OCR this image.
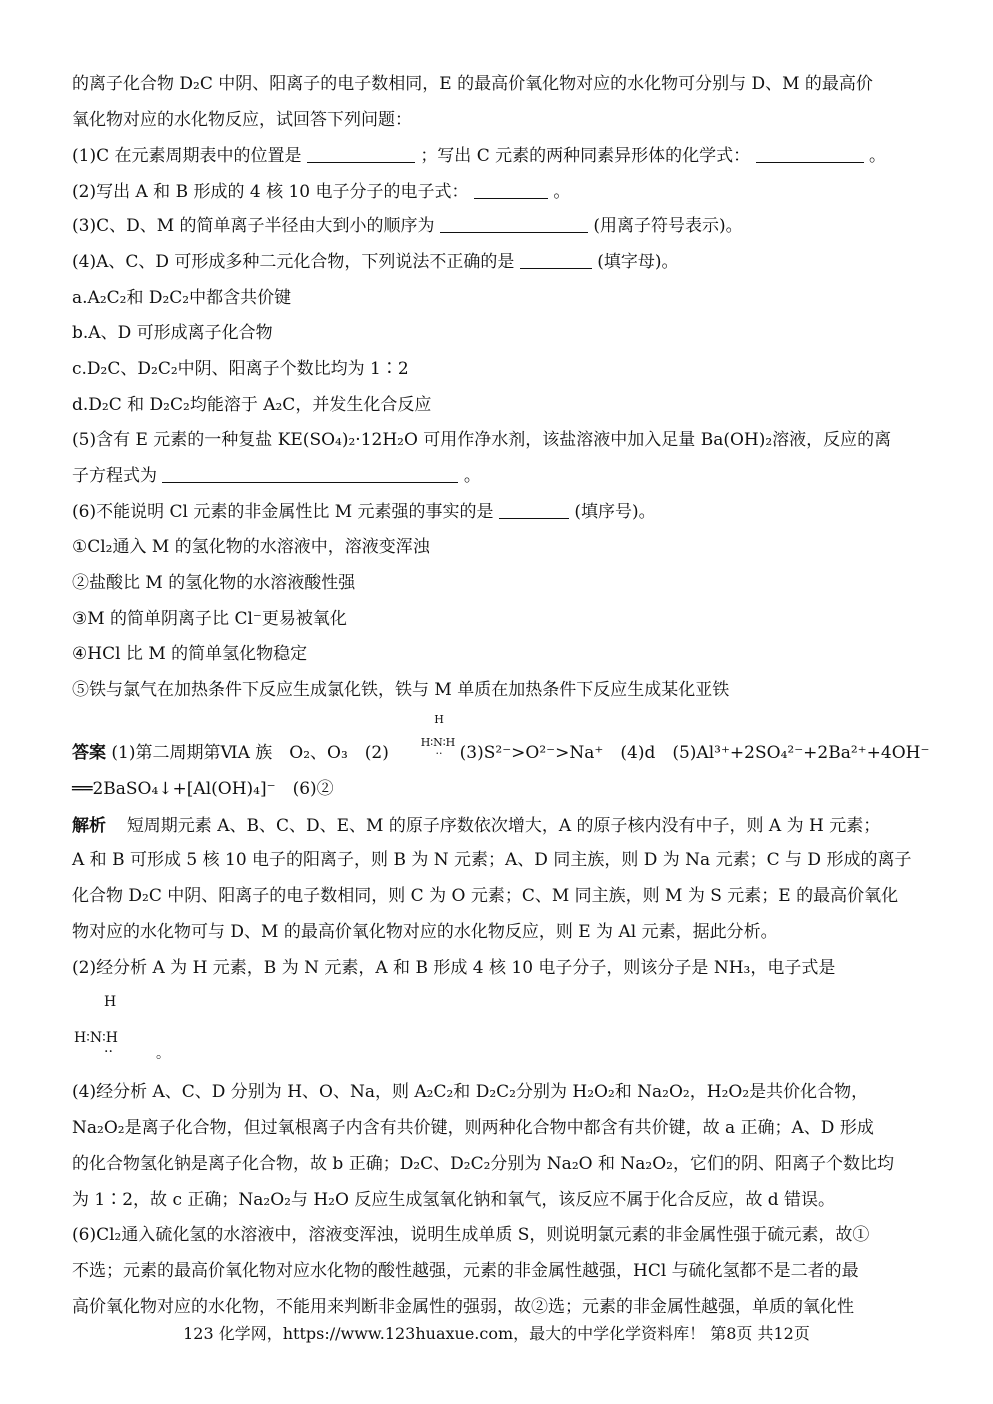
的离子化合物 D₂C 中阴、阳离子的电子数相同，E 的最高价氧化物对应的水化物可分别与 D、M 的最高价
氧化物对应的水化物反应，试回答下列问题：
(1)C 在元素周期表中的位置是	；写出 C 元素的两种同素异形体的化学式：	。
(2)写出 A 和 B 形成的 4 核 10 电子分子的电子式：	。
(3)C、D、M 的简单离子半径由大到小的顺序为	(用离子符号表示)。
(4)A、C、D 可形成多种二元化合物，下列说法不正确的是	(填字母)。
a.A₂C₂和 D₂C₂中都含共价键
b.A、D 可形成离子化合物
c.D₂C、D₂C₂中阴、阳离子个数比均为 1∶2
d.D₂C 和 D₂C₂均能溶于 A₂C，并发生化合反应
(5)含有 E 元素的一种复盐 KE(SO₄)₂·12H₂O 可用作净水剂，该盐溶液中加入足量 Ba(OH)₂溶液，反应的离
子方程式为	。
(6)不能说明 Cl 元素的非金属性比 M 元素强的事实的是	(填序号)。
①Cl₂通入 M 的氢化物的水溶液中，溶液变浑浊
②盐酸比 M 的氢化物的水溶液酸性强
③M 的简单阴离子比 Cl⁻更易被氧化
④HCl 比 M 的简单氢化物稳定
⑤铁与氯气在加热条件下反应生成氯化铁，铁与 M 单质在加热条件下反应生成某化亚铁
答案 (1)第二周期第ⅥA 族　O₂、O₃　(2)	(3)S²⁻>O²⁻>Na⁺　(4)d　(5)Al³⁺+2SO₄²⁻+2Ba²⁺+4OH⁻
H
H∶N∶H
··
══2BaSO₄↓+[Al(OH)₄]⁻　(6)②
解析 短周期元素 A、B、C、D、E、M 的原子序数依次增大，A 的原子核内没有中子，则 A 为 H 元素；
A 和 B 可形成 5 核 10 电子的阳离子，则 B 为 N 元素；A、D 同主族，则 D 为 Na 元素；C 与 D 形成的离子
化合物 D₂C 中阴、阳离子的电子数相同，则 C 为 O 元素；C、M 同主族，则 M 为 S 元素；E 的最高价氧化
物对应的水化物可与 D、M 的最高价氧化物对应的水化物反应，则 E 为 Al 元素，据此分析。
(2)经分析 A 为 H 元素，B 为 N 元素，A 和 B 形成 4 核 10 电子分子，则该分子是 NH₃，电子式是
H
H∶N∶H
··	。
(4)经分析 A、C、D 分别为 H、O、Na，则 A₂C₂和 D₂C₂分别为 H₂O₂和 Na₂O₂，H₂O₂是共价化合物，
Na₂O₂是离子化合物，但过氧根离子内含有共价键，则两种化合物中都含有共价键，故 a 正确；A、D 形成
的化合物氢化钠是离子化合物，故 b 正确；D₂C、D₂C₂分别为 Na₂O 和 Na₂O₂，它们的阴、阳离子个数比均
为 1∶2，故 c 正确；Na₂O₂与 H₂O 反应生成氢氧化钠和氧气，该反应不属于化合反应，故 d 错误。
(6)Cl₂通入硫化氢的水溶液中，溶液变浑浊，说明生成单质 S，则说明氯元素的非金属性强于硫元素，故①
不选；元素的最高价氧化物对应水化物的酸性越强，元素的非金属性越强，HCl 与硫化氢都不是二者的最
高价氧化物对应的水化物，不能用来判断非金属性的强弱，故②选；元素的非金属性越强，单质的氧化性
123 化学网，https://www.123huaxue.com，最大的中学化学资料库！ 第8页 共12页
